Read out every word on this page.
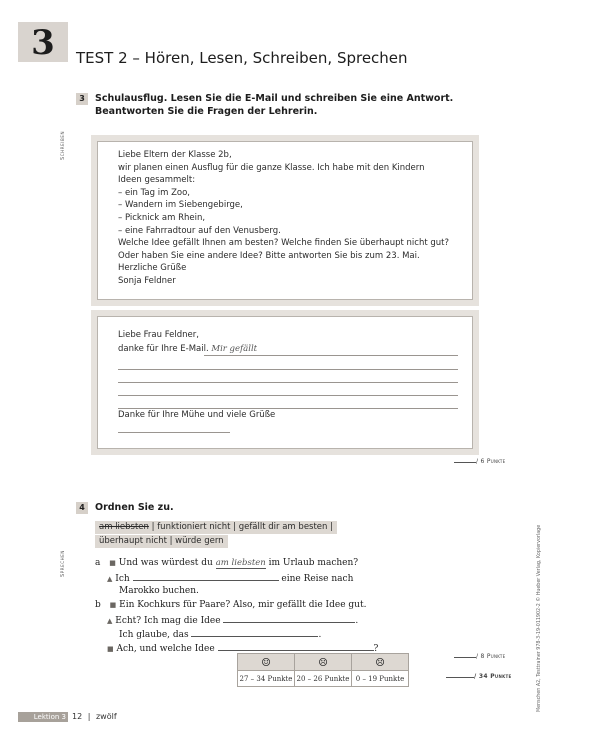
3	TEST 2 – Hören, Lesen, Schreiben, Sprechen
Schreiben
Sprechen
3	Schulausflug. Lesen Sie die E-Mail und schreiben Sie eine Antwort.
Beantworten Sie die Fragen der Lehrerin.
Liebe Eltern der Klasse 2b,
wir planen einen Ausflug für die ganze Klasse. Ich habe mit den Kindern
Ideen gesammelt:
– ein Tag im Zoo,
– Wandern im Siebengebirge,
– Picknick am Rhein,
– eine Fahrradtour auf den Venusberg.
Welche Idee gefällt Ihnen am besten? Welche finden Sie überhaupt nicht gut?
Oder haben Sie eine andere Idee? Bitte antworten Sie bis zum 23. Mai.
Herzliche Grüße
Sonja Feldner
Liebe Frau Feldner,
danke für Ihre E-Mail. Mir gefällt
Danke für Ihre Mühe und viele Grüße
/ 6 Punkte
4	Ordnen Sie zu.
am liebsten | funktioniert nicht | gefällt dir am besten |
überhaupt nicht | würde gern
a ■ Und was würdest du am liebsten im Urlaub machen?
▲ Ich	eine Reise nach
Marokko buchen.
b ■ Ein Kochkurs für Paare? Also, mir gefällt die Idee gut.
▲ Echt? Ich mag die Idee	.
Ich glaube, das	.
■ Ach, und welche Idee	?
/ 8 Punkte
☺	☹	☹
27 – 34 Punkte	20 – 26 Punkte	0 – 19 Punkte	/ 34 Punkte	Menschen A2, Testtrainer 978-3-19-011902-2 © Hueber Verlag, Kopiervorlage
Lektion 3 12 | zwölf
